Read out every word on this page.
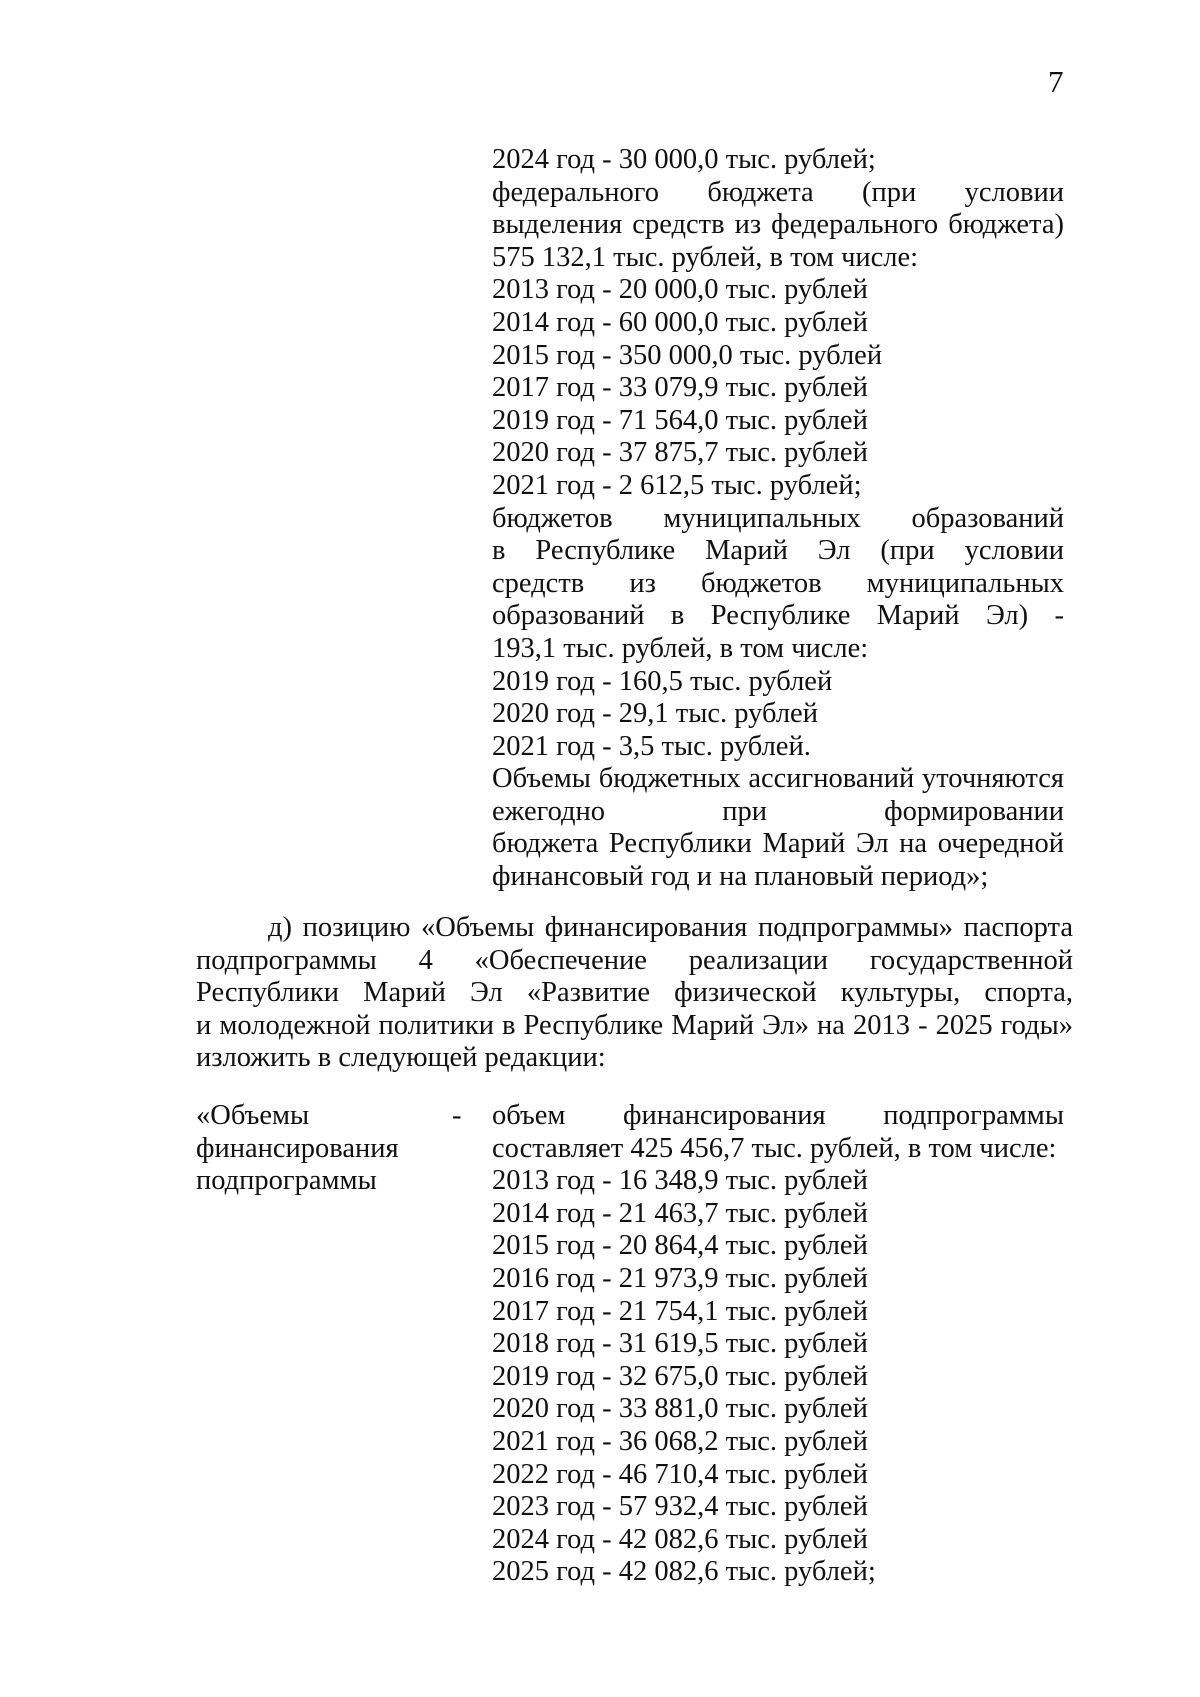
7
2024 год - 30 000,0 тыс. рублей;
федерального бюджета (при условии
выделения средств из федерального бюджета)
575 132,1 тыс. рублей, в том числе:
2013 год - 20 000,0 тыс. рублей
2014 год - 60 000,0 тыс. рублей
2015 год - 350 000,0 тыс. рублей
2017 год - 33 079,9 тыс. рублей
2019 год - 71 564,0 тыс. рублей
2020 год - 37 875,7 тыс. рублей
2021 год - 2 612,5 тыс. рублей;
бюджетов муниципальных образований
в Республике Марий Эл (при условии
средств из бюджетов муниципальных
образований в Республике Марий Эл) -
193,1 тыс. рублей, в том числе:
2019 год - 160,5 тыс. рублей
2020 год - 29,1 тыс. рублей
2021 год - 3,5 тыс. рублей.
Объемы бюджетных ассигнований уточняются
ежегодно при формировании
бюджета Республики Марий Эл на очередной
финансовый год и на плановый период»;
д) позицию «Объемы финансирования подпрограммы» паспорта
подпрограммы 4 «Обеспечение реализации государственной
Республики Марий Эл «Развитие физической культуры, спорта,
и молодежной политики в Республике Марий Эл» на 2013 - 2025 годы»
изложить в следующей редакции:
«Объемы
финансирования
подпрограммы
- объем финансирования подпрограммы
составляет 425 456,7 тыс. рублей, в том числе:
2013 год - 16 348,9 тыс. рублей
2014 год - 21 463,7 тыс. рублей
2015 год - 20 864,4 тыс. рублей
2016 год - 21 973,9 тыс. рублей
2017 год - 21 754,1 тыс. рублей
2018 год - 31 619,5 тыс. рублей
2019 год - 32 675,0 тыс. рублей
2020 год - 33 881,0 тыс. рублей
2021 год - 36 068,2 тыс. рублей
2022 год - 46 710,4 тыс. рублей
2023 год - 57 932,4 тыс. рублей
2024 год - 42 082,6 тыс. рублей
2025 год - 42 082,6 тыс. рублей;
